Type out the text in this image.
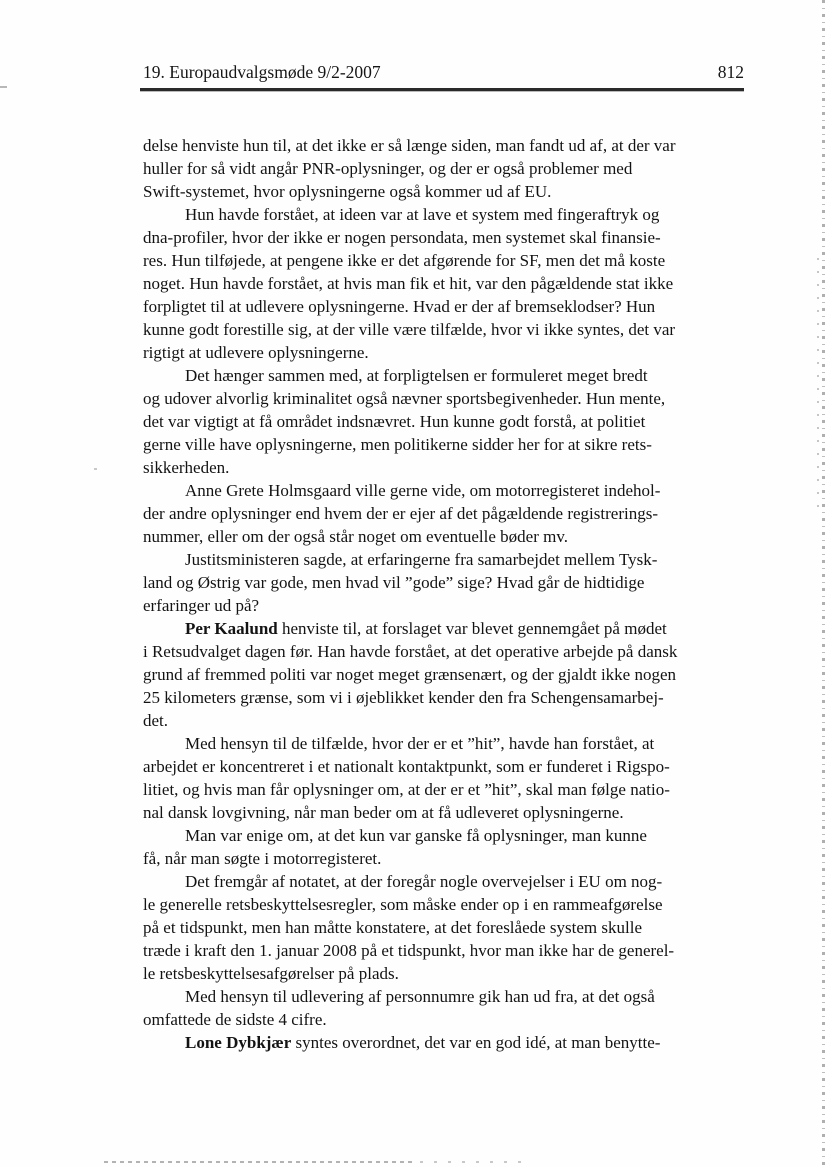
19. Europaudvalgsmøde 9/2-2007	812
delse henviste hun til, at det ikke er så længe siden, man fandt ud af, at der var
huller for så vidt angår PNR-oplysninger, og der er også problemer med
Swift-systemet, hvor oplysningerne også kommer ud af EU.
Hun havde forstået, at ideen var at lave et system med fingeraftryk og
dna-profiler, hvor der ikke er nogen persondata, men systemet skal finansie-
res. Hun tilføjede, at pengene ikke er det afgørende for SF, men det må koste
noget. Hun havde forstået, at hvis man fik et hit, var den pågældende stat ikke
forpligtet til at udlevere oplysningerne. Hvad er der af bremseklodser? Hun
kunne godt forestille sig, at der ville være tilfælde, hvor vi ikke syntes, det var
rigtigt at udlevere oplysningerne.
Det hænger sammen med, at forpligtelsen er formuleret meget bredt
og udover alvorlig kriminalitet også nævner sportsbegivenheder. Hun mente,
det var vigtigt at få området indsnævret. Hun kunne godt forstå, at politiet
gerne ville have oplysningerne, men politikerne sidder her for at sikre rets-
sikkerheden.
Anne Grete Holmsgaard ville gerne vide, om motorregisteret indehol-
der andre oplysninger end hvem der er ejer af det pågældende registrerings-
nummer, eller om der også står noget om eventuelle bøder mv.
Justitsministeren sagde, at erfaringerne fra samarbejdet mellem Tysk-
land og Østrig var gode, men hvad vil ”gode” sige? Hvad går de hidtidige
erfaringer ud på?
Per Kaalund henviste til, at forslaget var blevet gennemgået på mødet
i Retsudvalget dagen før. Han havde forstået, at det operative arbejde på dansk
grund af fremmed politi var noget meget grænsenært, og der gjaldt ikke nogen
25 kilometers grænse, som vi i øjeblikket kender den fra Schengensamarbej-
det.
Med hensyn til de tilfælde, hvor der er et ”hit”, havde han forstået, at
arbejdet er koncentreret i et nationalt kontaktpunkt, som er funderet i Rigspo-
litiet, og hvis man får oplysninger om, at der er et ”hit”, skal man følge natio-
nal dansk lovgivning, når man beder om at få udleveret oplysningerne.
Man var enige om, at det kun var ganske få oplysninger, man kunne
få, når man søgte i motorregisteret.
Det fremgår af notatet, at der foregår nogle overvejelser i EU om nog-
le generelle retsbeskyttelsesregler, som måske ender op i en rammeafgørelse
på et tidspunkt, men han måtte konstatere, at det foreslåede system skulle
træde i kraft den 1. januar 2008 på et tidspunkt, hvor man ikke har de generel-
le retsbeskyttelsesafgørelser på plads.
Med hensyn til udlevering af personnumre gik han ud fra, at det også
omfattede de sidste 4 cifre.
Lone Dybkjær syntes overordnet, det var en god idé, at man benytte-
